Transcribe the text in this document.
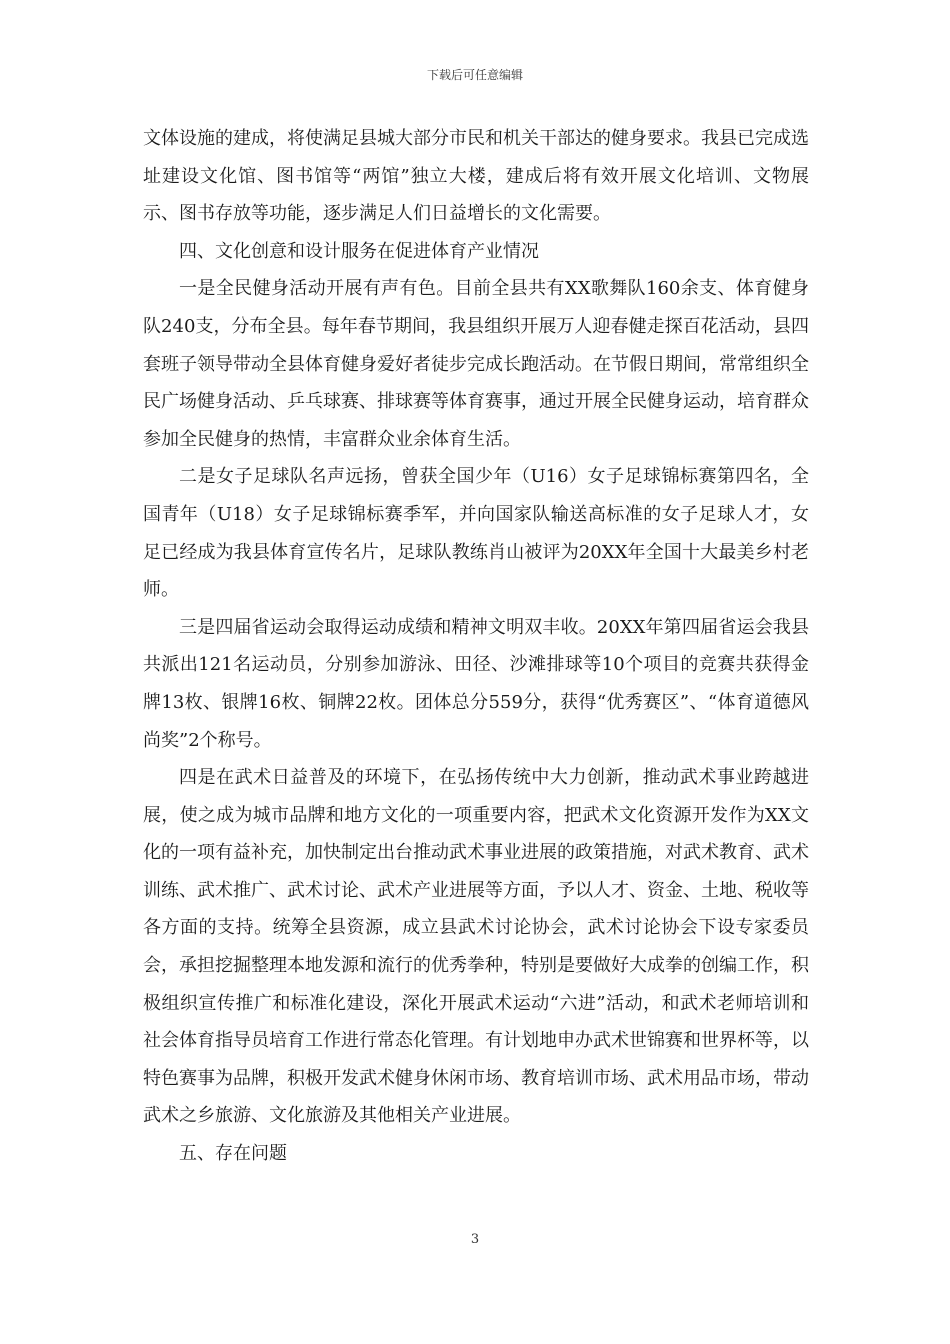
下载后可任意编辑

文体设施的建成，将使满足县城大部分市民和机关干部达的健身要求。我县已完成选址建设文化馆、图书馆等“两馆”独立大楼，建成后将有效开展文化培训、文物展示、图书存放等功能，逐步满足人们日益增长的文化需要。

四、文化创意和设计服务在促进体育产业情况

一是全民健身活动开展有声有色。目前全县共有XX歌舞队160余支、体育健身队240支，分布全县。每年春节期间，我县组织开展万人迎春健走探百花活动，县四套班子领导带动全县体育健身爱好者徒步完成长跑活动。在节假日期间，常常组织全民广场健身活动、乒乓球赛、排球赛等体育赛事，通过开展全民健身运动，培育群众参加全民健身的热情，丰富群众业余体育生活。

二是女子足球队名声远扬，曾获全国少年（U16）女子足球锦标赛第四名，全国青年（U18）女子足球锦标赛季军，并向国家队输送高标准的女子足球人才，女足已经成为我县体育宣传名片，足球队教练肖山被评为20XX年全国十大最美乡村老师。

三是四届省运动会取得运动成绩和精神文明双丰收。20XX年第四届省运会我县共派出121名运动员，分别参加游泳、田径、沙滩排球等10个项目的竞赛共获得金牌13枚、银牌16枚、铜牌22枚。团体总分559分，获得“优秀赛区”、“体育道德风尚奖”2个称号。

四是在武术日益普及的环境下，在弘扬传统中大力创新，推动武术事业跨越进展，使之成为城市品牌和地方文化的一项重要内容，把武术文化资源开发作为XX文化的一项有益补充，加快制定出台推动武术事业进展的政策措施，对武术教育、武术训练、武术推广、武术讨论、武术产业进展等方面，予以人才、资金、土地、税收等各方面的支持。统筹全县资源，成立县武术讨论协会，武术讨论协会下设专家委员会，承担挖掘整理本地发源和流行的优秀拳种，特别是要做好大成拳的创编工作，积极组织宣传推广和标准化建设，深化开展武术运动“六进”活动，和武术老师培训和社会体育指导员培育工作进行常态化管理。有计划地申办武术世锦赛和世界杯等，以特色赛事为品牌，积极开发武术健身休闲市场、教育培训市场、武术用品市场，带动武术之乡旅游、文化旅游及其他相关产业进展。

五、存在问题

3
